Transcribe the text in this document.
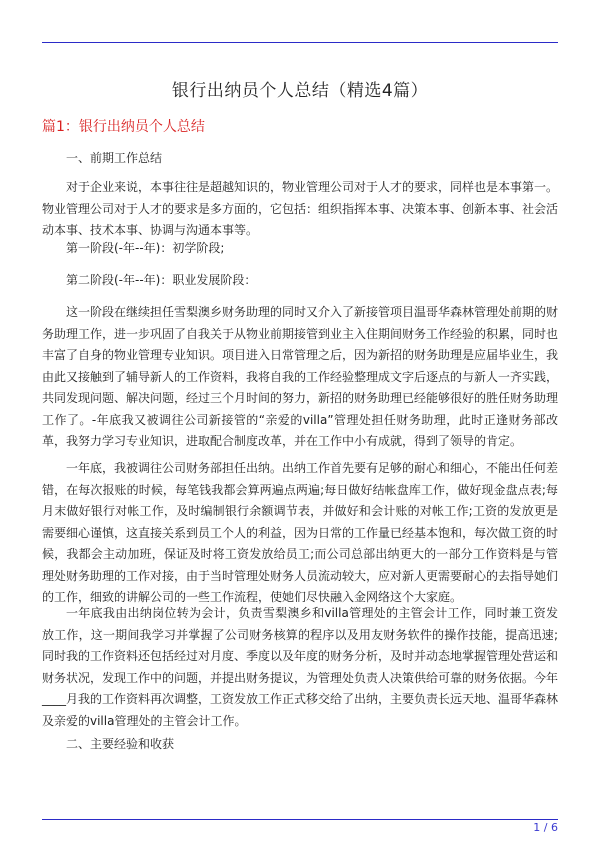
银行出纳员个人总结（精选4篇）
篇1：银行出纳员个人总结

一、前期工作总结

对于企业来说，本事往往是超越知识的，物业管理公司对于人才的要求，同样也是本事第一。物业管理公司对于人才的要求是多方面的，它包括：组织指挥本事、决策本事、创新本事、社会活动本事、技术本事、协调与沟通本事等。

第一阶段(-年--年)：初学阶段;

第二阶段(-年--年)：职业发展阶段：

这一阶段在继续担任雪梨澳乡财务助理的同时又介入了新接管项目温哥华森林管理处前期的财务助理工作，进一步巩固了自我关于从物业前期接管到业主入住期间财务工作经验的积累，同时也丰富了自身的物业管理专业知识。项目进入日常管理之后，因为新招的财务助理是应届毕业生，我由此又接触到了辅导新人的工作资料，我将自我的工作经验整理成文字后逐点的与新人一齐实践，共同发现问题、解决问题，经过三个月时间的努力，新招的财务助理已经能够很好的胜任财务助理工作了。-年底我又被调往公司新接管的“亲爱的villa”管理处担任财务助理，此时正逢财务部改革，我努力学习专业知识，进取配合制度改革，并在工作中小有成就，得到了领导的肯定。

一年底，我被调往公司财务部担任出纳。出纳工作首先要有足够的耐心和细心，不能出任何差错，在每次报账的时候，每笔钱我都会算两遍点两遍;每日做好结帐盘库工作，做好现金盘点表;每月末做好银行对帐工作，及时编制银行余额调节表，并做好和会计账的对帐工作;工资的发放更是需要细心谨慎，这直接关系到员工个人的利益，因为日常的工作量已经基本饱和，每次做工资的时候，我都会主动加班，保证及时将工资发放给员工;而公司总部出纳更大的一部分工作资料是与管理处财务助理的工作对接，由于当时管理处财务人员流动较大，应对新人更需要耐心的去指导她们的工作，细致的讲解公司的一些工作流程，使她们尽快融入金网络这个大家庭。

一年底我由出纳岗位转为会计，负责雪梨澳乡和villa管理处的主管会计工作，同时兼工资发放工作，这一期间我学习并掌握了公司财务核算的程序以及用友财务软件的操作技能，提高迅速;同时我的工作资料还包括经过对月度、季度以及年度的财务分析，及时并动态地掌握管理处营运和财务状况，发现工作中的问题，并提出财务提议，为管理处负责人决策供给可靠的财务依据。今年____月我的工作资料再次调整，工资发放工作正式移交给了出纳，主要负责长远天地、温哥华森林及亲爱的villa管理处的主管会计工作。

二、主要经验和收获

1 / 6
